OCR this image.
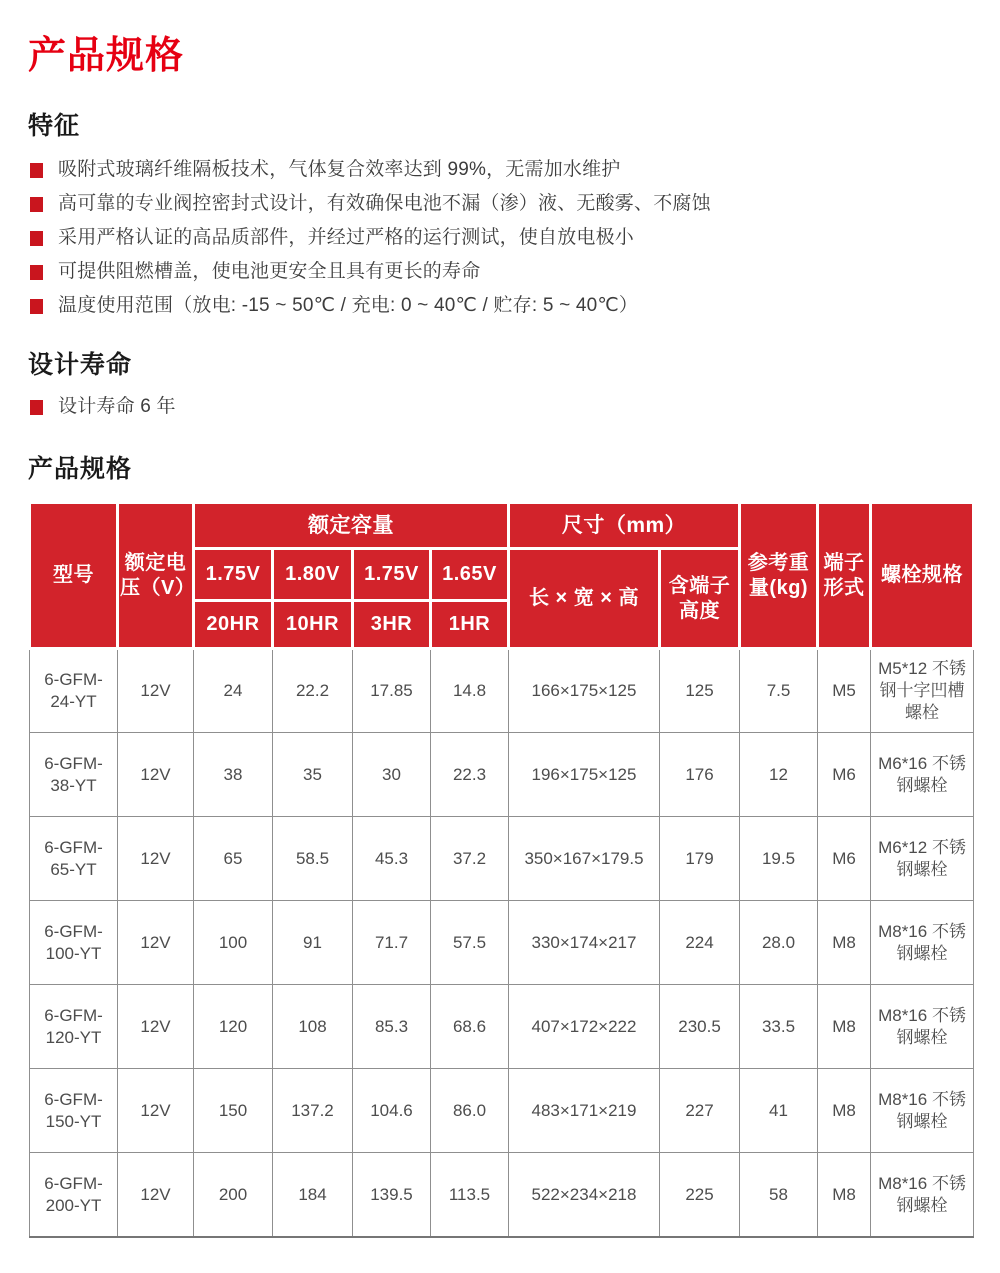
产品规格
特征
吸附式玻璃纤维隔板技术，气体复合效率达到 99%，无需加水维护
高可靠的专业阀控密封式设计，有效确保电池不漏（渗）液、无酸雾、不腐蚀
采用严格认证的高品质部件，并经过严格的运行测试，使自放电极小
可提供阻燃槽盖，使电池更安全且具有更长的寿命
温度使用范围（放电: -15 ~ 50℃ / 充电: 0 ~ 40℃ / 贮存: 5 ~ 40℃）
设计寿命
设计寿命 6 年
产品规格
型号	额定电压（V）	额定容量				尺寸（mm）		参考重量(kg)	端子形式	螺栓规格
		1.75V	1.80V	1.75V	1.65V	长 × 宽 × 高	含端子高度			
		20HR	10HR	3HR	1HR					
6-GFM-24-YT	12V	24	22.2	17.85	14.8	166×175×125	125	7.5	M5	M5*12 不锈钢十字凹槽螺栓
6-GFM-38-YT	12V	38	35	30	22.3	196×175×125	176	12	M6	M6*16 不锈钢螺栓
6-GFM-65-YT	12V	65	58.5	45.3	37.2	350×167×179.5	179	19.5	M6	M6*12 不锈钢螺栓
6-GFM-100-YT	12V	100	91	71.7	57.5	330×174×217	224	28.0	M8	M8*16 不锈钢螺栓
6-GFM-120-YT	12V	120	108	85.3	68.6	407×172×222	230.5	33.5	M8	M8*16 不锈钢螺栓
6-GFM-150-YT	12V	150	137.2	104.6	86.0	483×171×219	227	41	M8	M8*16 不锈钢螺栓
6-GFM-200-YT	12V	200	184	139.5	113.5	522×234×218	225	58	M8	M8*16 不锈钢螺栓
